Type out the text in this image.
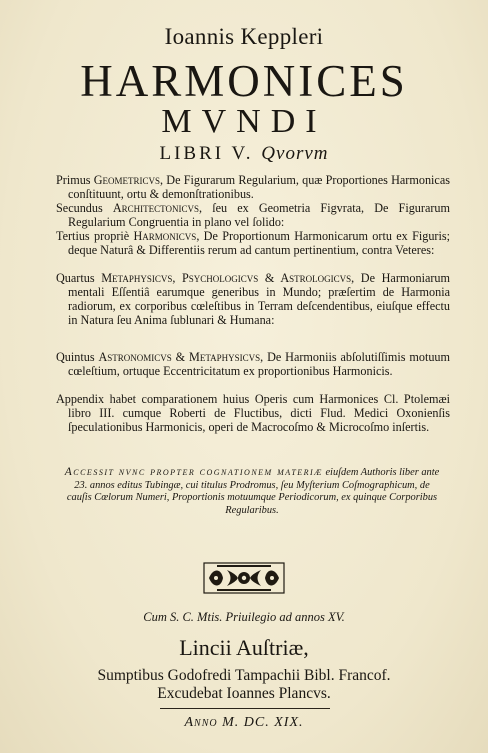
Ioannis Keppleri
HARMONICES
MVNDI
LIBRI V. Qvorvm
Primus Geometricvs, De Figurarum Regularium, quæ Proportiones Harmonicas conſtituunt, ortu & demonſtrationibus.
Secundus Architectonicvs, ſeu ex Geometria Figvrata, De Figurarum Regularium Congruentia in plano vel ſolido:
Tertius propriè Harmonicvs, De Proportionum Harmonicarum ortu ex Figuris; deque Naturâ & Differentiis rerum ad cantum pertinentium, contra Veteres:
Quartus Metaphysicvs, Psychologicvs & Astrologicvs, De Harmoniarum mentali Eſſentiâ earumque generibus in Mundo; præſertim de Harmonia radiorum, ex corporibus cœleſtibus in Terram deſcendentibus, eiuſque effectu in Natura ſeu Anima ſublunari & Humana:
Quintus Astronomicvs & Metaphysicvs, De Harmoniis abſolutiſſimis motuum cœleſtium, ortuque Eccentricitatum ex proportionibus Harmonicis.
Appendix habet comparationem huius Operis cum Harmonices Cl. Ptolemæi libro III. cumque Roberti de Fluctibus, dicti Flud. Medici Oxonienſis ſpeculationibus Harmonicis, operi de Macrocoſmo & Microcoſmo inſertis.
Accessit nvnc propter cognationem materiæ eiuſdem Authoris liber ante 23. annos editus Tubingæ, cui titulus Prodromus, ſeu Myſterium Coſmographicum, de cauſis Cœlorum Numeri, Proportionis motuumque Periodicorum, ex quinque Corporibus Regularibus.
Cum S. C. Mtis. Priuilegio ad annos XV.
Lincii Auſtriæ,
Sumptibus Godofredi Tampachii Bibl. Francof.
Excudebat Ioannes Plancvs.
Anno M. DC. XIX.
